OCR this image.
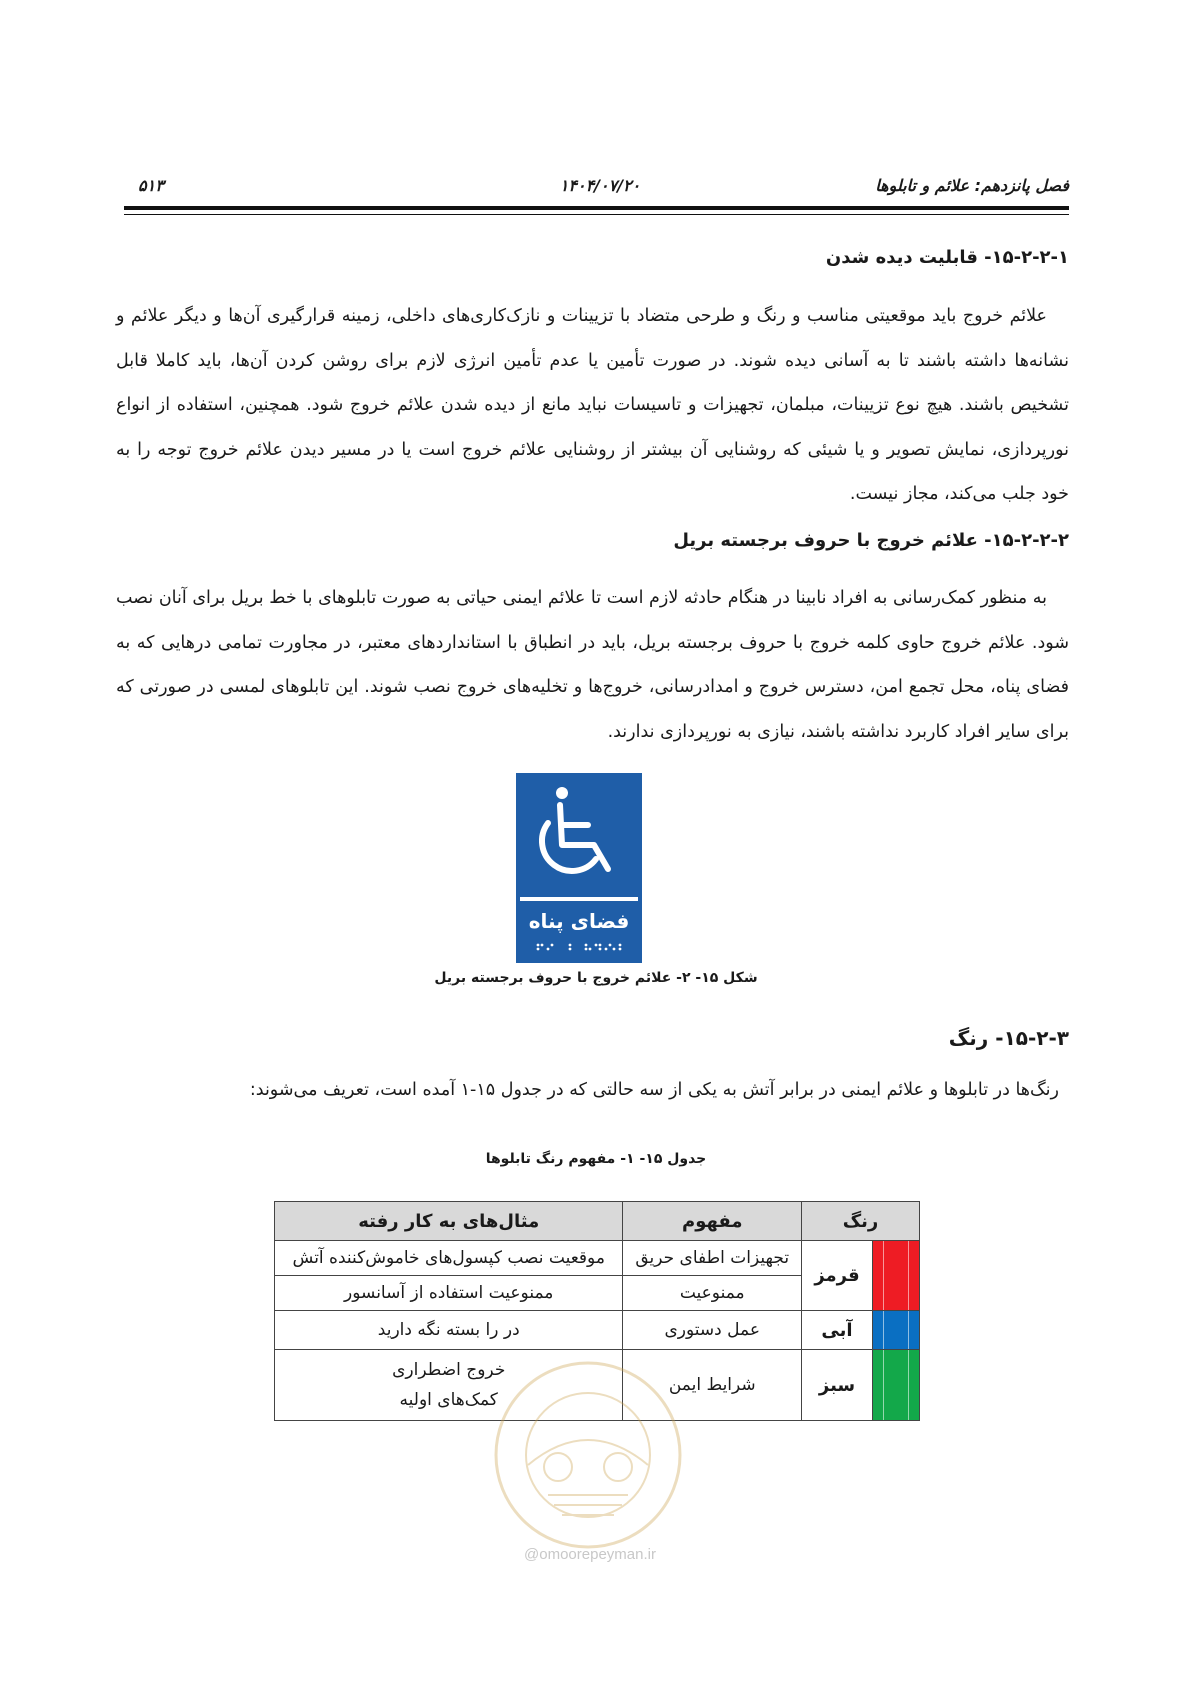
۵۱۳	۱۴۰۴/۰۷/۲۰	فصل پانزدهم: علائم و تابلوها
۱۵-۲-۲-۱- قابلیت دیده شدن

علائم خروج باید موقعیتی مناسب و رنگ و طرحی متضاد با تزیینات و نازک‌کاری‌های داخلی، زمینه قرارگیری آن‌ها و دیگر علائم و نشانه‌ها داشته باشند تا به آسانی دیده شوند. در صورت تأمین یا عدم تأمین انرژی لازم برای روشن کردن آن‌ها، باید کاملا قابل تشخیص باشند. هیچ نوع تزیینات، مبلمان، تجهیزات و تاسیسات نباید مانع از دیده شدن علائم خروج شود. همچنین، استفاده از انواع نورپردازی، نمایش تصویر و یا شیئی که روشنایی آن بیشتر از روشنایی علائم خروج است یا در مسیر دیدن علائم خروج توجه را به خود جلب می‌کند، مجاز نیست.

۱۵-۲-۲-۲- علائم خروج با حروف برجسته بریل

به منظور کمک‌رسانی به افراد نابینا در هنگام حادثه لازم است تا علائم ایمنی حیاتی به صورت تابلوهای با خط بریل برای آنان نصب شود. علائم خروج حاوی کلمه خروج با حروف برجسته بریل، باید در انطباق با استانداردهای معتبر، در مجاورت تمامی درهایی که به فضای پناه، محل تجمع امن، دسترس خروج و امدادرسانی، خروج‌ها و تخلیه‌های خروج نصب شوند. این تابلوهای لمسی در صورتی که برای سایر افراد کاربرد نداشته باشند، نیازی به نورپردازی ندارند.

فضای پناه
شکل ۱۵- ۲- علائم خروج با حروف برجسته بریل
۱۵-۲-۳- رنگ
رنگ‌ها در تابلوها و علائم ایمنی در برابر آتش به یکی از سه حالتی که در جدول ۱۵-۱ آمده است، تعریف می‌شوند:
جدول ۱۵- ۱- مفهوم رنگ تابلوها
رنگ		مفهوم	مثال‌های به کار رفته

	قرمز	تجهیزات اطفای حریق	موقعیت نصب کپسول‌های خاموش‌کننده آتش
		ممنوعیت	ممنوعیت استفاده از آسانسور

	آبی	عمل دستوری	در را بسته نگه دارید

	سبز	شرایط ایمن	خروج اضطراری
کمک‌های اولیه
@omoorepeyman.ir
